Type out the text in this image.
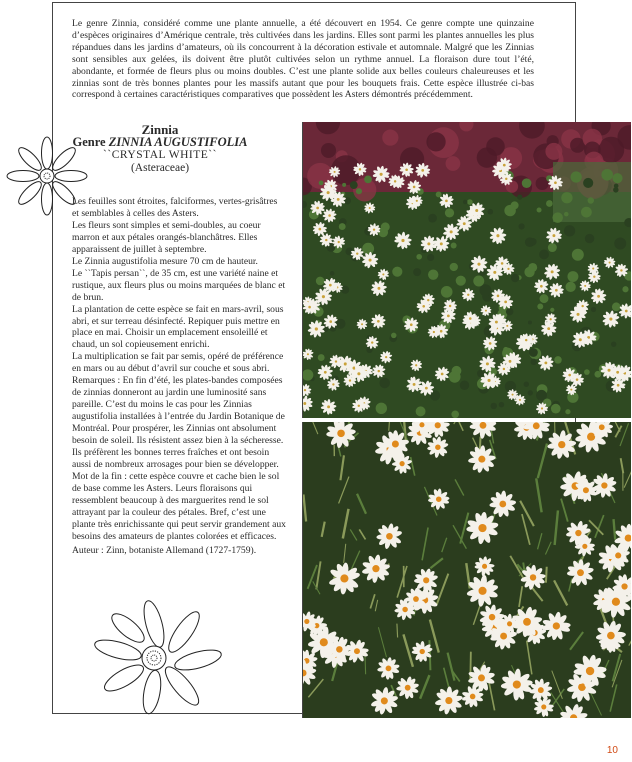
Le genre Zinnia, considéré comme une plante annuelle, a été découvert en 1954. Ce genre compte une quinzaine d’espèces originaires d’Amérique centrale, très cultivées dans les jardins. Elles sont parmi les plantes annuelles les plus répandues dans les jardins d’amateurs, où ils concourrent à la décoration estivale et automnale. Malgré que les Zinnias sont sensibles aux gelées, ils doivent être plutôt cultivées selon un rythme annuel. La floraison dure tout l’été, abondante, et formée de fleurs plus ou moins doubles. C’est une plante solide aux belles couleurs chaleureuses et les zinnias sont de très bonnes plantes pour les massifs autant que pour les bouquets frais. Cette espèce illustrée ci-bas correspond à certaines caractéristiques comparatives que possèdent les Asters démontrés précédemment.
Zinnia
Genre ZINNIA AUGUSTIFOLIA
``CRYSTAL WHITE``
(Asteraceae)

Les feuilles sont étroites, falciformes, vertes-grisâtres et semblables à celles des Asters.

Les fleurs sont simples et semi-doubles, au coeur marron et aux pétales orangés-blanchâtres. Elles apparaissent de juillet à septembre.

Le Zinnia augustifolia mesure 70 cm de hauteur.

Le ``Tapis persan``, de 35 cm, est une variété naine et rustique, aux fleurs plus ou moins marquées de blanc et de brun.

La plantation de cette espèce se fait en mars-avril, sous abri, et sur terreau désinfecté. Repiquer puis mettre en place en mai. Choisir un emplacement ensoleillé et chaud, un sol copieusement enrichi.

La multiplication se fait par semis, opéré de préférence en mars ou au début d’avril sur couche et sous abri.

Remarques : En fin d’été, les plates-bandes composées de zinnias donneront au jardin une luminosité sans pareille. C’est du moins le cas pour les Zinnias augustifolia installées à l’entrée du Jardin Botanique de Montréal. Pour prospérer, les Zinnias ont absolument besoin de soleil. Ils résistent assez bien à la sécheresse. Ils préfèrent les bonnes terres fraîches et ont besoin aussi de nombreux arrosages pour bien se développer.

Mot de la fin : cette espèce couvre et cache bien le sol de base comme les Asters. Leurs floraisons qui ressemblent beaucoup à des marguerites rend le sol attrayant par la couleur des pétales. Bref, c’est une plante très enrichissante qui peut servir grandement aux besoins des amateurs de plantes colorées et efficaces.

Auteur : Zinn, botaniste Allemand (1727-1759).

10
